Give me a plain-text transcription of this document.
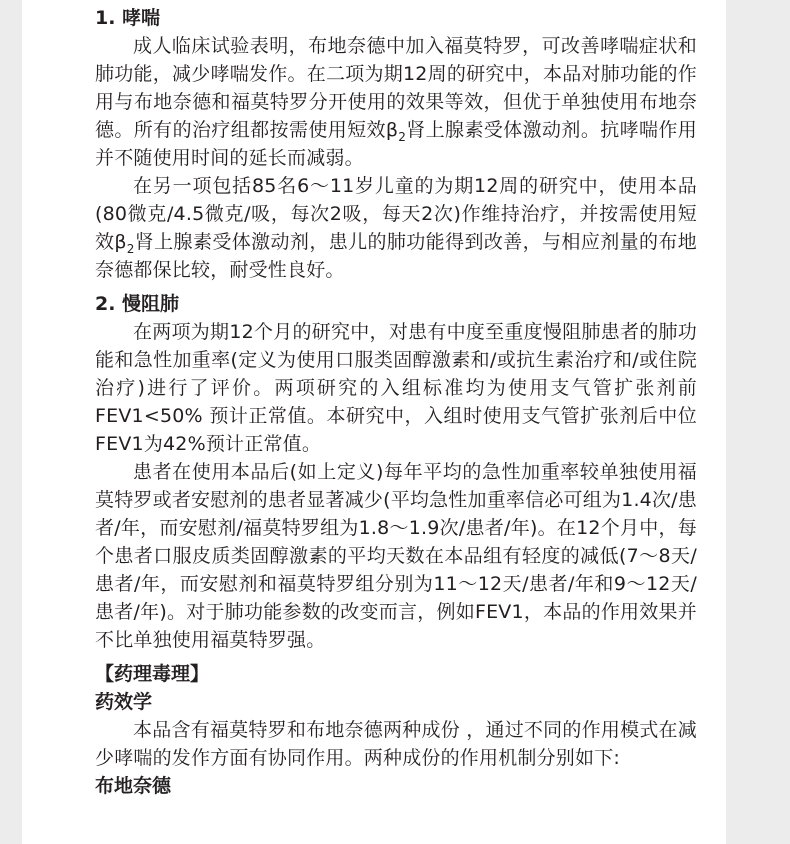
1. 哮喘

成人临床试验表明，布地奈德中加入福莫特罗，可改善哮喘症状和肺功能，减少哮喘发作。在二项为期12周的研究中，本品对肺功能的作用与布地奈德和福莫特罗分开使用的效果等效，但优于单独使用布地奈德。所有的治疗组都按需使用短效$\beta_2$肾上腺素受体激动剂。抗哮喘作用并不随使用时间的延长而减弱。

在另一项包括85名6～11岁儿童的为期12周的研究中，使用本品(80微克/4.5微克/吸，每次2吸，每天2次)作维持治疗，并按需使用短效$\beta_2$肾上腺素受体激动剂，患儿的肺功能得到改善，与相应剂量的布地奈德都保比较，耐受性良好。

2. 慢阻肺

在两项为期12个月的研究中，对患有中度至重度慢阻肺患者的肺功能和急性加重率(定义为使用口服类固醇激素和/或抗生素治疗和/或住院治疗)进行了评价。两项研究的入组标准均为使用支气管扩张剂前FEV1<50% 预计正常值。本研究中，入组时使用支气管扩张剂后中位FEV1为42%预计正常值。

患者在使用本品后(如上定义)每年平均的急性加重率较单独使用福莫特罗或者安慰剂的患者显著减少(平均急性加重率信必可组为1.4次/患者/年，而安慰剂/福莫特罗组为1.8～1.9次/患者/年)。在12个月中，每个患者口服皮质类固醇激素的平均天数在本品组有轻度的减低(7～8天/患者/年，而安慰剂和福莫特罗组分别为11～12天/患者/年和9～12天/患者/年)。对于肺功能参数的改变而言，例如FEV1，本品的作用效果并不比单独使用福莫特罗强。

【药理毒理】

药效学

本品含有福莫特罗和布地奈德两种成份 ，通过不同的作用模式在减少哮喘的发作方面有协同作用。两种成份的作用机制分别如下:

布地奈德
